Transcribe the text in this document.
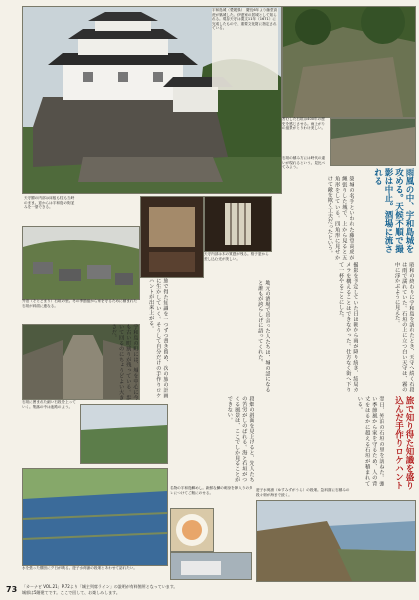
宇和島城（愛媛県）　慶長6年より藤堂高虎が築城した。伊達家の居城として知られる。現存天守は寛文11年（1671）に完成したもので、重要文化財に指定されている。
苔むした石垣は400年の歴史を感じさせる。雨上がりの風景がとりわけ美しい。
石垣の積み方には時代の違いが現れるという。見比べてみよう。
雨風の中、宇和島城を攻める。天候不順で撮影は中止。酒場に流される
天守閣の内部は床板も柱も当時のまま。窓からは宇和島の街並みを一望できる。
天守内部は木の質感が残る。格子窓から差し込む光が美しい。
外泊（そとどまり）石垣の里。冬の季節風から家を守るために積まれた石垣が斜面に連なる。
石垣に囲まれた細い石段を上っていく。集落の中は迷路のよう。
水を張った棚田に夕日が映る。遊子水荷浦の段畑とあわせて訪れたい。
名物の宇和島鯛めし。新鮮な鯛の刺身を卵入りのタレにつけてご飯にのせる。
遊子水荷浦（ゆすみずがうら）の段畑。急斜面に石積みの段々畑が海まで続く。
旅で知り得た知識を盛り込んだ手作りロケハント
昭和の終わりに宇和島を訪れたとき、天守へ続く石段は雨で濡れていた。石垣の上に立つ白い天守は、霧の中に浮かぶように見えた。
築城の名手といわれた藤堂高虎が縄張りした城で、上から見ると五角形をしている。四角形に見せかけて敵を欺く工夫だったという。
撮影を予定していた日は朝から雨が降り続き、結局カメラを構えることはできなかった。仕方なく街へ下りて一杯やることにした。
地元の酒場で出会った人たちは、城の話になると誰もが誇らしげに語ってくれた。
翌日、外泊の石垣の里を訪ねた。強い季節風から家を守るため、人の背丈をはるかに超える石垣が積まれている。
段畑の斜面を見上げると、先人たちの苦労がしのばれる。海と石垣がつくる風景は、ここでしか見ることができない。
旅で得た知識を一つずつ書き留め、次の旅の計画に生かしていく。そうして自分だけの手作りロケハントが出来上がる。
宇和島の町には、城を中心に今も古い町割りが残っている。歩いて回るのにちょうどよい大きさだ。
73 「カーナビ VOL.21」P.72より「城主列席ライン」の説明が有料箇所となっています。
城郭は5階建てです。ここで回して、お楽しみします。
